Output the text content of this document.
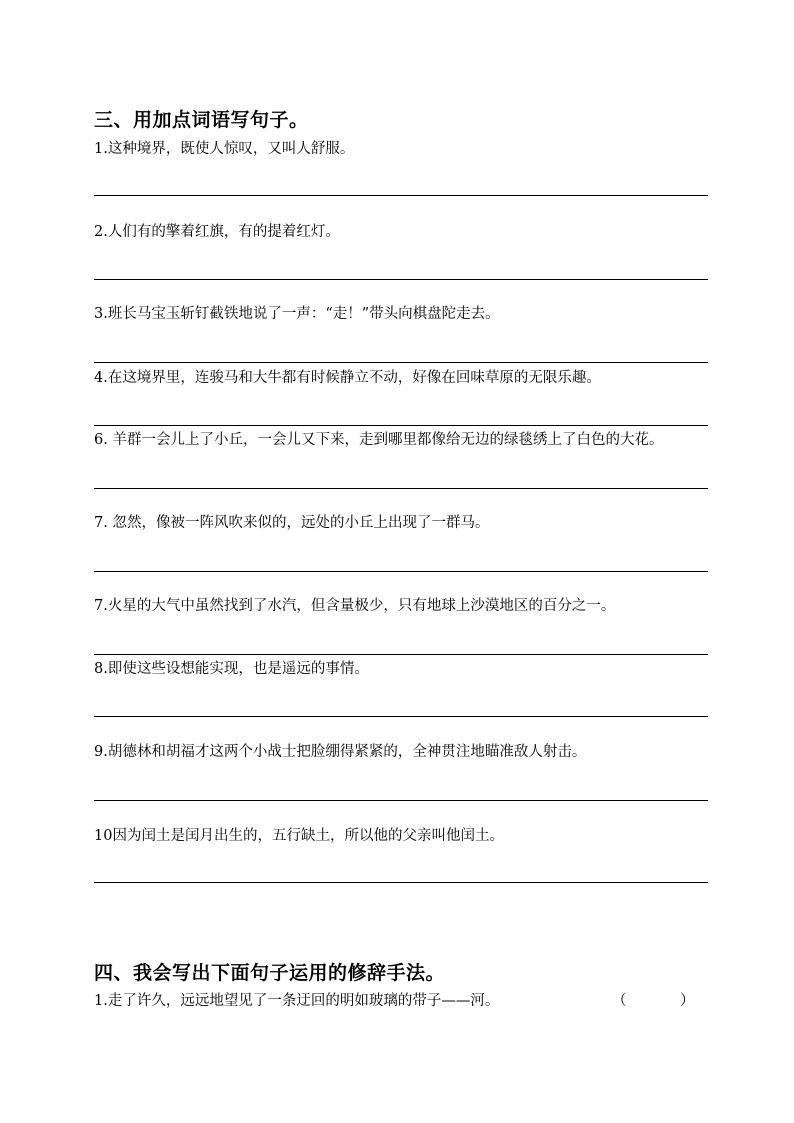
三、用加点词语写句子。
1.这种境界，既使人惊叹，又叫人舒服。
2.人们有的擎着红旗，有的提着红灯。
3.班长马宝玉斩钉截铁地说了一声：“走！”带头向棋盘陀走去。
4.在这境界里，连骏马和大牛都有时候静立不动，好像在回味草原的无限乐趣。
6. 羊群一会儿上了小丘，一会儿又下来，走到哪里都像给无边的绿毯绣上了白色的大花。
7. 忽然，像被一阵风吹来似的，远处的小丘上出现了一群马。
7.火星的大气中虽然找到了水汽，但含量极少，只有地球上沙漠地区的百分之一。
8.即使这些设想能实现，也是遥远的事情。
9.胡德林和胡福才这两个小战士把脸绷得紧紧的，全神贯注地瞄准敌人射击。
10因为闰土是闰月出生的，五行缺土，所以他的父亲叫他闰土。
四、我会写出下面句子运用的修辞手法。
1.走了许久，远远地望见了一条迂回的明如玻璃的带子——河。	（	）
